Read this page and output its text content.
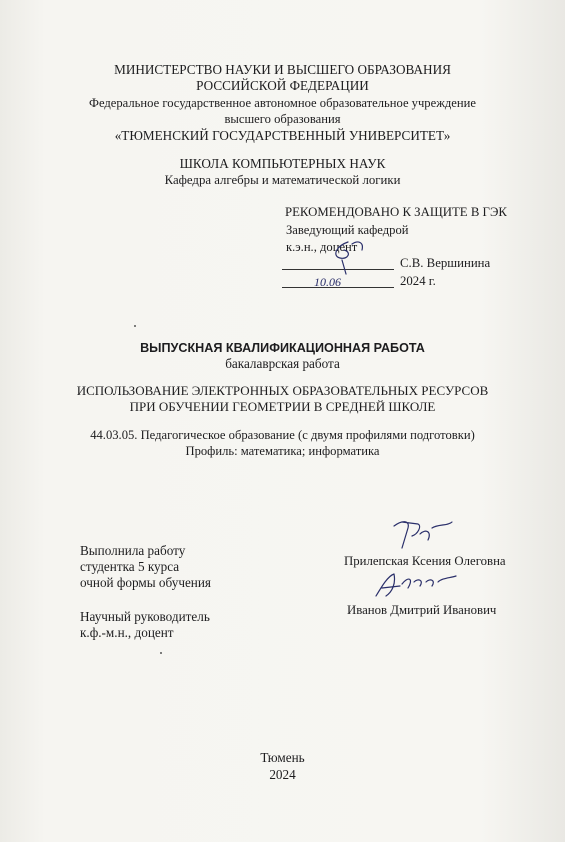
МИНИСТЕРСТВО НАУКИ И ВЫСШЕГО ОБРАЗОВАНИЯ
РОССИЙСКОЙ ФЕДЕРАЦИИ
Федеральное государственное автономное образовательное учреждение
высшего образования
«ТЮМЕНСКИЙ ГОСУДАРСТВЕННЫЙ УНИВЕРСИТЕТ»
ШКОЛА КОМПЬЮТЕРНЫХ НАУК
Кафедра алгебры и математической логики
РЕКОМЕНДОВАНО К ЗАЩИТЕ В ГЭК
Заведующий кафедрой
к.э.н., доцент
С.В. Вершинина
10.06	2024 г.
ВЫПУСКНАЯ КВАЛИФИКАЦИОННАЯ РАБОТА
бакалаврская работа
ИСПОЛЬЗОВАНИЕ ЭЛЕКТРОННЫХ ОБРАЗОВАТЕЛЬНЫХ РЕСУРСОВ
ПРИ ОБУЧЕНИИ ГЕОМЕТРИИ В СРЕДНЕЙ ШКОЛЕ
44.03.05. Педагогическое образование (с двумя профилями подготовки)
Профиль: математика; информатика
Выполнила работу
студентка 5 курса
очной формы обучения
Прилепская Ксения Олеговна
Научный руководитель
к.ф.-м.н., доцент
Иванов Дмитрий Иванович
Тюмень
2024
